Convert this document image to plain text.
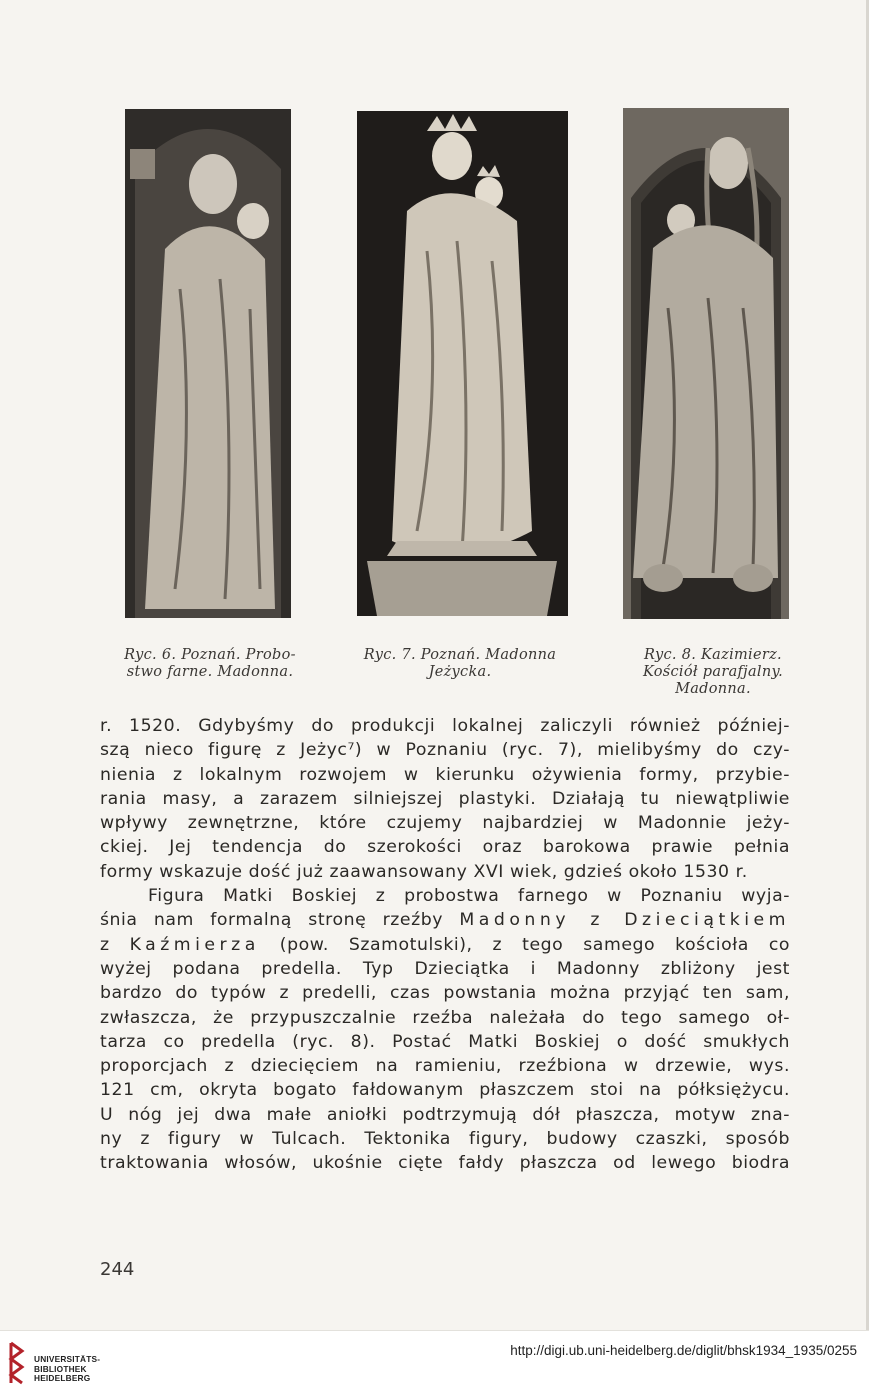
Ryc. 6. Poznań. Probo-
stwo farne. Madonna.
Ryc. 7. Poznań. Madonna
Jeżycka.
Ryc. 8. Kazimierz.
Kościół parafjalny.
Madonna.
r. 1520. Gdybyśmy do produkcji lokalnej zaliczyli również później-
szą nieco figurę z Jeżyc⁷) w Poznaniu (ryc. 7), mielibyśmy do czy-
nienia z lokalnym rozwojem w kierunku ożywienia formy, przybie-
rania masy, a zarazem silniejszej plastyki. Działają tu niewątpliwie
wpływy zewnętrzne, które czujemy najbardziej w Madonnie jeży-
ckiej. Jej tendencja do szerokości oraz barokowa prawie pełnia
formy wskazuje dość już zaawansowany XVI wiek, gdzieś około 1530 r.
Figura Matki Boskiej z probostwa farnego w Poznaniu wyja-
śnia nam formalną stronę rzeźby Madonny z Dzieciątkiem
z Kaźmierza (pow. Szamotulski), z tego samego kościoła co
wyżej podana predella. Typ Dzieciątka i Madonny zbliżony jest
bardzo do typów z predelli, czas powstania można przyjąć ten sam,
zwłaszcza, że przypuszczalnie rzeźba należała do tego samego oł-
tarza co predella (ryc. 8). Postać Matki Boskiej o dość smukłych
proporcjach z dziecięciem na ramieniu, rzeźbiona w drzewie, wys.
121 cm, okryta bogato fałdowanym płaszczem stoi na półksiężycu.
U nóg jej dwa małe aniołki podtrzymują dół płaszcza, motyw zna-
ny z figury w Tulcach. Tektonika figury, budowy czaszki, sposób
traktowania włosów, ukośnie cięte fałdy płaszcza od lewego biodra
244
UNIVERSITÄTS-
BIBLIOTHEK
HEIDELBERG
http://digi.ub.uni-heidelberg.de/diglit/bhsk1934_1935/0255
